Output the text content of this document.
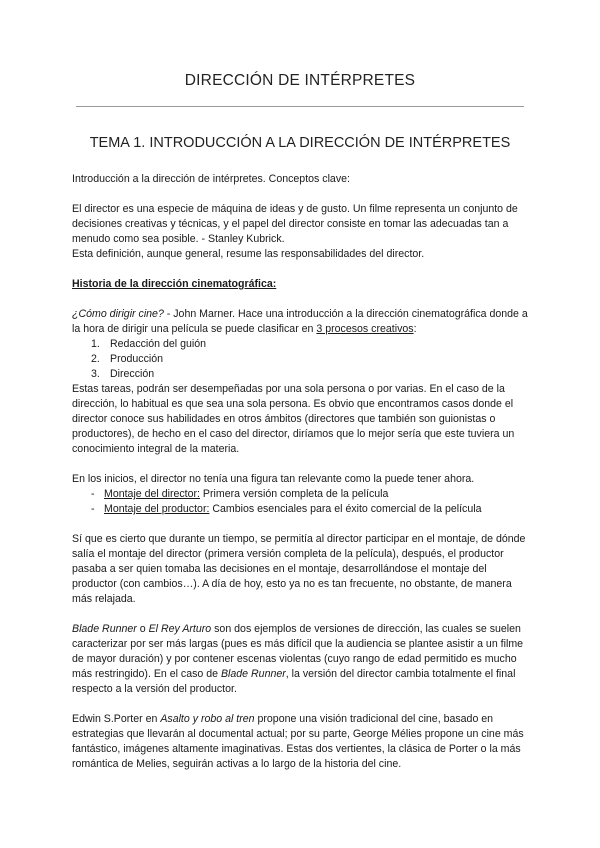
DIRECCIÓN DE INTÉRPRETES
TEMA 1. INTRODUCCIÓN A LA DIRECCIÓN DE INTÉRPRETES

Introducción a la dirección de intérpretes. Conceptos clave:

El director es una especie de máquina de ideas y de gusto. Un filme representa un conjunto de decisiones creativas y técnicas, y el papel del director consiste en tomar las adecuadas tan a menudo como sea posible. - Stanley Kubrick.

Esta definición, aunque general, resume las responsabilidades del director.

Historia de la dirección cinematográfica:

¿Cómo dirigir cine? - John Marner. Hace una introducción a la dirección cinematográfica donde a la hora de dirigir una película se puede clasificar en 3 procesos creativos:

1. Redacción del guión
2. Producción
3. Dirección

Estas tareas, podrán ser desempeñadas por una sola persona o por varias. En el caso de la dirección, lo habitual es que sea una sola persona. Es obvio que encontramos casos donde el director conoce sus habilidades en otros ámbitos (directores que también son guionistas o productores), de hecho en el caso del director, diríamos que lo mejor sería que este tuviera un conocimiento integral de la materia.

En los inicios, el director no tenía una figura tan relevante como la puede tener ahora.

- Montaje del director: Primera versión completa de la película
- Montaje del productor: Cambios esenciales para el éxito comercial de la película

Sí que es cierto que durante un tiempo, se permitía al director participar en el montaje, de dónde salía el montaje del director (primera versión completa de la película), después, el productor pasaba a ser quien tomaba las decisiones en el montaje, desarrollándose el montaje del productor (con cambios…). A día de hoy, esto ya no es tan frecuente, no obstante, de manera más relajada.

Blade Runner o El Rey Arturo son dos ejemplos de versiones de dirección, las cuales se suelen caracterizar por ser más largas (pues es más difícil que la audiencia se plantee asistir a un filme de mayor duración) y por contener escenas violentas (cuyo rango de edad permitido es mucho más restringido). En el caso de Blade Runner, la versión del director cambia totalmente el final respecto a la versión del productor.

Edwin S.Porter en Asalto y robo al tren propone una visión tradicional del cine, basado en estrategias que llevarán al documental actual; por su parte, George Mélies propone un cine más fantástico, imágenes altamente imaginativas. Estas dos vertientes, la clásica de Porter o la más romántica de Melies, seguirán activas a lo largo de la historia del cine.
